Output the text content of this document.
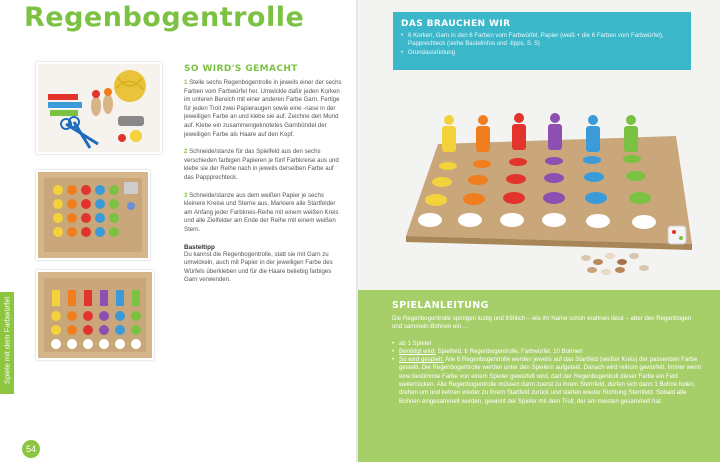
Regenbogentrolle
SO WIRD'S GEMACHT
1 Stelle sechs Regenbogentrolle in jeweils einer der sechs Farben vom Farbwürfel her. Umwickle dafür jeden Korken im unteren Bereich mit einer anderen Farbe Garn. Fertige für jeden Troll zwei Papieraugen sowie eine -nase in der jeweiligen Farbe an und klebe sie auf. Zeichne den Mund auf. Klebe ein zusammengeknotetes Garnbündel der jeweiligen Farbe als Haare auf den Kopf.
2 Schneide/stanze für das Spielfeld aus den sechs verschieden farbigen Papieren je fünf Farbkreise aus und klebe sie der Reihe nach in jeweils derselben Farbe auf das Pappрrechteck.
3 Schneide/stanze aus dem weißen Papier je sechs kleinere Kreise und Sterne aus. Markiere alle Startfelder am Anfang jeder Farbkreis-Reihe mit einem weißen Kreis und alle Zielfelder am Ende der Reihe mit einem weißen Stern.
Basteltipp
Du kannst die Regenbogentrolle, statt sie mit Garn zu umwickeln, auch mit Papier in der jeweiligen Farbe des Würfels überkleben und für die Haare beliebig farbiges Garn verwenden.
Spiele mit dem Farbwürfel
54
DAS BRAUCHEN WIR
• 6 Korken, Garn in den 6 Farben vom Farbwürfel, Papier (weiß + die 6 Farben vom Farbwürfel), Papprechteck (siehe Bastelinfos und -tipps, S. 5)
• Grundausrüstung
SPIELANLEITUNG
Die Regenbogentrolle springen lustig und fröhlich – wie ihr Name schon erahnen lässt – aber den Regenbogen und sammeln Bohnen ein …
• ab 1 Spieler
• Benötigt wird: Spielfeld, 6 Regenbogentrolle, Farbwürfel, 10 Bohnen
• So wird gespielt: Alle 6 Regenbogentrolle werden jeweils auf das Startfeld (weißer Kreis) der passenden Farbe gestellt. Die Regenbogentrolle werden unter den Spielern aufgeteilt. Danach wird reihum gewürfelt. Immer wenn eine bestimmte Farbe von einem Spieler gewürfelt wird, darf der Regenbogentroll dieser Farbe ein Feld weiterrücken. Alle Regenbogentrolle müssen dann zuerst zu ihrem Sternfeld, dürfen sich dann 1 Bohne holen, drehen um und kehren wieder zu ihrem Startfeld zurück und starten wieder Richtung Sternfeld. Sobald alle Bohnen eingesammelt wurden, gewinnt der Spieler mit dem Troll, der am meisten gesammelt hat.
